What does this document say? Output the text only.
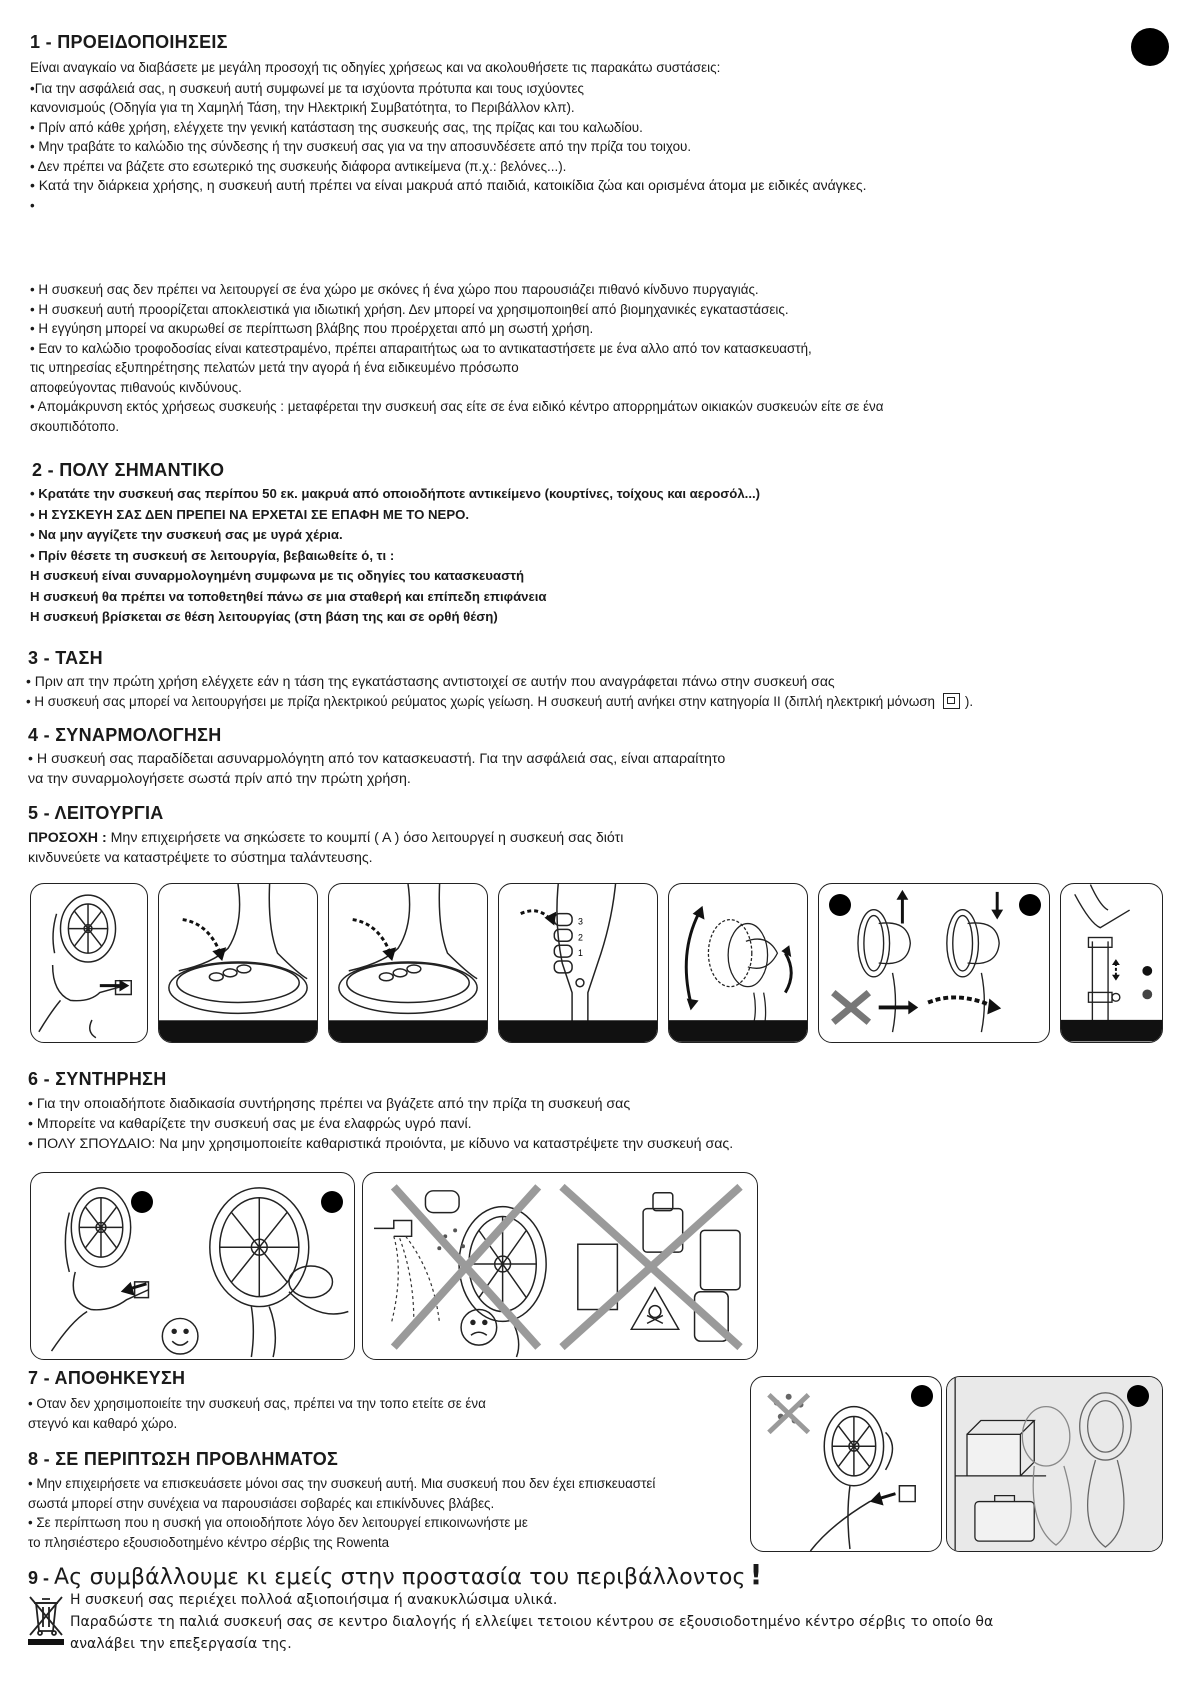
1 - ΠΡΟΕΙΔΟΠΟΙΗΣΕΙΣ
Είναι αναγκαίο να διαβάσετε με μεγάλη προσοχή τις οδηγίες χρήσεως και να ακολουθήσετε τις παρακάτω συστάσεις:
•Για την ασφάλειά σας, η συσκευή αυτή συμφωνεί με τα ισχύοντα πρότυπα και τους ισχύοντες
κανονισμούς (Οδηγία για τη Χαμηλή Τάση, την Ηλεκτρική Συμβατότητα, το Περιβάλλον κλπ).
• Πρίν από κάθε χρήση, ελέγχετε την γενική κατάσταση της συσκευής σας, της πρίζας και του καλωδίου.
• Μην τραβάτε το καλώδιο της σύνδεσης ή την συσκευή σας για να την αποσυνδέσετε από την πρίζα του τοιχου.
• Δεν πρέπει να βάζετε στο εσωτερικό της συσκευής διάφορα αντικείμενα (π.χ.: βελόνες...).
• Κατά την διάρκεια χρήσης, η συσκευή αυτή πρέπει να είναι μακρυά από παιδιά, κατοικίδια ζώα και ορισμένα άτομα με ειδικές ανάγκες.
•
• Η συσκευή σας δεν πρέπει να λειτουργεί σε ένα χώρο με σκόνες ή ένα χώρο που παρουσιάζει πιθανό κίνδυνο πυργαγιάς.
• Η συσκευή αυτή προορίζεται αποκλειστικά για ιδιωτική χρήση. Δεν μπορεί να χρησιμοποιηθεί από βιομηχανικές εγκαταστάσεις.
• Η εγγύηση μπορεί να ακυρωθεί σε περίπτωση βλάβης που προέρχεται από μη σωστή χρήση.
• Εαν το καλώδιο τροφοδοσίας είναι κατεστραμένο, πρέπει απαραιτήτως ωα το αντικαταστήσετε με ένα αλλο από τον κατασκευαστή,
τις υπηρεσίας εξυπηρέτησης πελατών μετά την αγορά ή ένα ειδικευμένο πρόσωπο
αποφεύγοντας πιθανούς κινδύνους.
• Απομάκρυνση εκτός χρήσεως συσκευής : μεταφέρεται την συσκευή σας είτε σε ένα ειδικό κέντρο απορρημάτων οικιακών συσκευών είτε σε ένα
σκουπιδότοπο.
2 - ΠΟΛΥ ΣΗΜΑΝΤΙΚΟ
• Κρατάτε την συσκευή σας περίπου 50 εκ. μακρυά από οποιοδήποτε αντικείμενο (κουρτίνες, τοίχους και αεροσόλ...)
• Η ΣΥΣΚΕΥΗ ΣΑΣ ΔΕΝ ΠΡΕΠΕΙ ΝΑ ΕΡΧΕΤΑΙ ΣΕ ΕΠΑΦΗ ΜΕ ΤΟ ΝΕΡΟ.
• Να μην αγγίζετε την συσκευή σας με υγρά χέρια.
• Πρίν θέσετε τη συσκευή σε λειτουργία, βεβαιωθείτε ό, τι :
Η συσκευή είναι συναρμολογημένη συμφωνα με τις οδηγίες του κατασκευαστή
Η συσκευή θα πρέπει να τοποθετηθεί πάνω σε μια σταθερή και επίπεδη επιφάνεια
Η συσκευή βρίσκεται σε θέση λειτουργίας (στη βάση της και σε ορθή θέση)
3 - ΤΑΣΗ
• Πριν απ την πρώτη χρήση ελέγχετε εάν η τάση της εγκατάστασης αντιστοιχεί σε αυτήν που αναγράφεται πάνω στην συσκευή σας
• Η συσκευή σας μπορεί να λειτουργήσει με πρίζα ηλεκτρικού ρεύματος χωρίς γείωση. Η συσκευή αυτή ανήκει στην κατηγορία II (διπλή ηλεκτρική μόνωση ).
4 - ΣΥΝΑΡΜΟΛΟΓΗΣΗ
• Η συσκευή σας παραδίδεται ασυναρμολόγητη από τον κατασκευαστή. Για την ασφάλειά σας, είναι απαραίτητο
να την συναρμολογήσετε σωστά πρίν από την πρώτη χρήση.
5 - ΛΕΙΤΟΥΡΓΙΑ
ΠΡΟΣΟΧΗ : Μην επιχειρήσετε να σηκώσετε το κουμπί ( Α ) όσο λειτουργεί η συσκευή σας διότι
κινδυνεύετε να καταστρέψετε το σύστημα ταλάντευσης.
3
2
1
6 - ΣΥΝΤΗΡΗΣΗ
• Για την οποιαδήποτε διαδικασία συντήρησης πρέπει να βγάζετε από την πρίζα τη συσκευή σας
• Μπορείτε να καθαρίζετε την συσκευή σας με ένα ελαφρώς υγρό πανί.
• ΠΟΛΥ ΣΠΟΥΔΑΙΟ: Να μην χρησιμοποιείτε καθαριστικά προιόντα, με κίδυνο να καταστρέψετε την συσκευή σας.
7 - ΑΠΟΘΗΚΕΥΣΗ
• Οταν δεν χρησιμοποιείτε την συσκευή σας, πρέπει να την τοπο ετείτε σε ένα
στεγνό και καθαρό χώρο.
8 - ΣΕ ΠΕΡΙΠΤΩΣΗ ΠΡΟΒΛΗΜΑΤΟΣ
• Μην επιχειρήσετε να επισκευάσετε μόνοι σας την συσκευή αυτή. Μια συσκευή που δεν έχει επισκευαστεί
σωστά μπορεί στην συνέχεια να παρουσιάσει σοβαρές και επικίνδυνες βλάβες.
• Σε περίπτωση που η συσκή για οποιοδήποτε λόγο δεν λειτουργεί επικοινωνήστε με
το πλησιέστερο εξουσιοδοτημένο κέντρο σέρβις της Rowenta
9 - Ας συμβάλλουμε κι εμείς στην προστασία του περιβάλλοντος !
Η συσκευή σας περιέχει πολλοά αξιοποιήσιμα ή ανακυκλώσιμα υλικά.
Παραδώστε τη παλιά συσκευή σας σε κεντρο διαλογής ή ελλείψει τετοιου κέντρου σε εξουσιοδοτημένο κέντρο σέρβις το οποίο θα
αναλάβει την επεξεργασία της.
